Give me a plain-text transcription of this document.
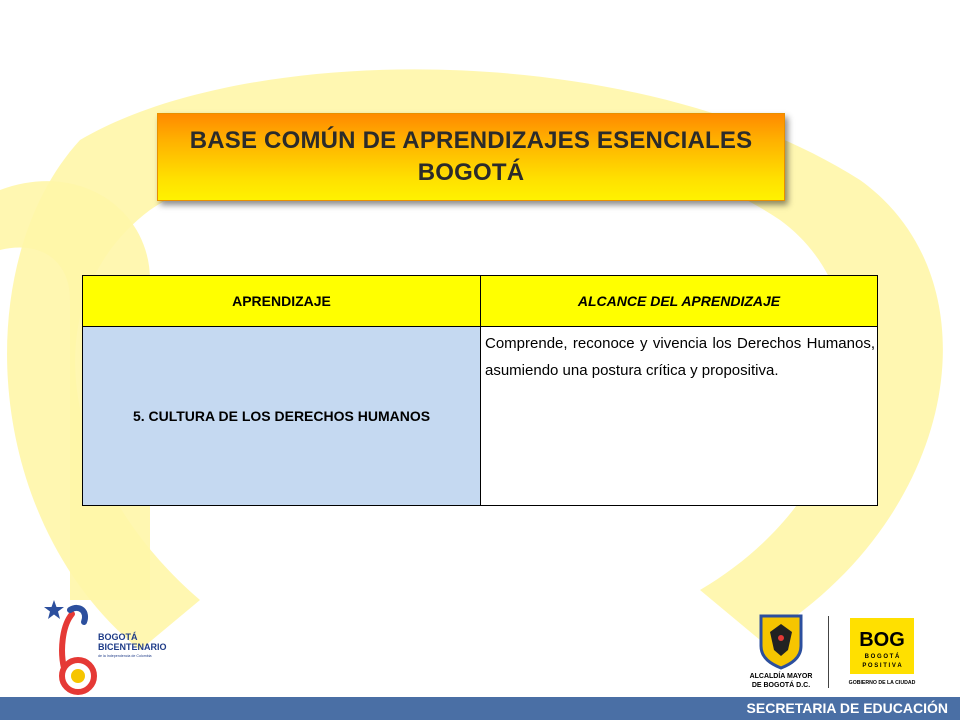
BASE COMÚN DE APRENDIZAJES ESENCIALES
BOGOTÁ
APRENDIZAJE	ALCANCE DEL APRENDIZAJE

5. CULTURA DE LOS DERECHOS HUMANOS	Comprende, reconoce y vivencia los Derechos Humanos, asumiendo una postura crítica y propositiva.
BOGOTÁ
BICENTENARIO
de la Independencia de Colombia
ALCALDÍA MAYOR
DE BOGOTÁ D.C.
BOG
B O G O T Á
P O S I T I V A
GOBIERNO DE LA CIUDAD
SECRETARIA DE EDUCACIÓN
